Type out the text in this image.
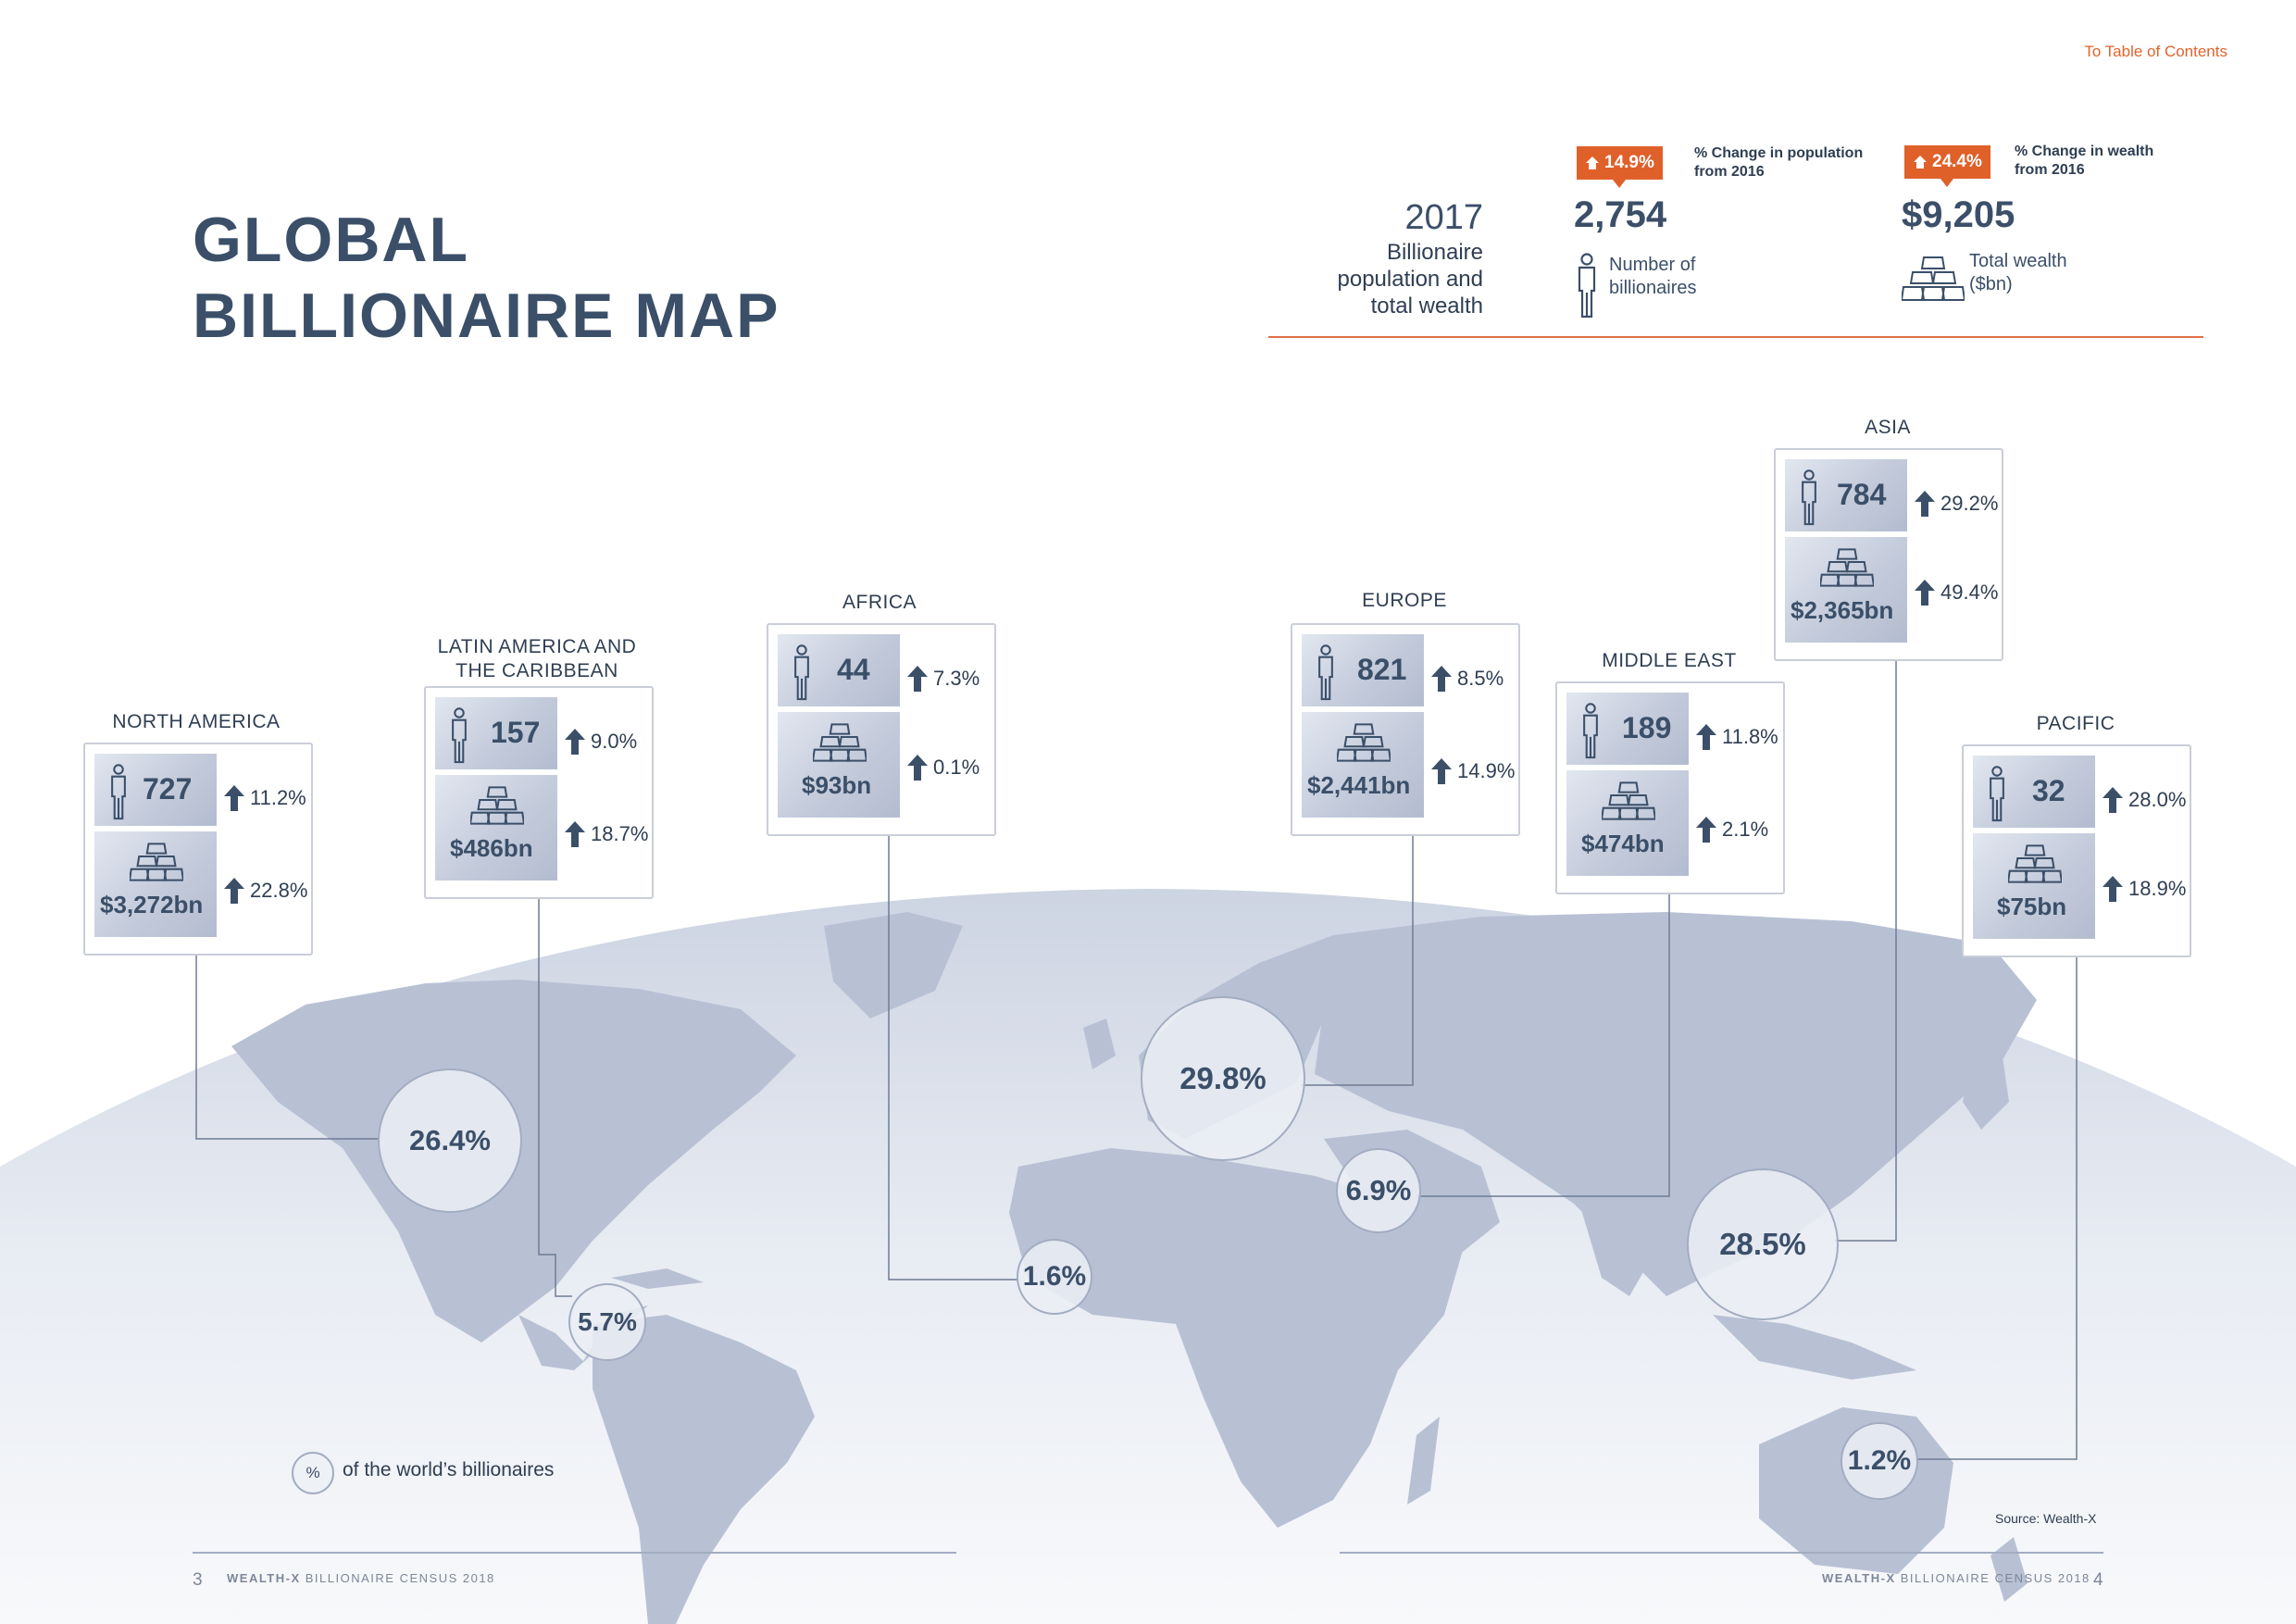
To Table of Contents
GLOBAL
BILLIONAIRE MAP
2017
Billionaire
population and
total wealth
14.9%	% Change in population
from 2016
2,754
Number of
billionaires
24.4%
% Change in wealth
from 2016
$9,205
Total wealth
($bn)
NORTH AMERICA
727	11.2%
$3,272bn
22.8%
LATIN AMERICA AND
THE CARIBBEAN
157 9.0%
$486bn
18.7%
AFRICA
44	7.3%
$93bn
0.1%
EUROPE
821 8.5%
$2,441bn
14.9%
MIDDLE EAST
189 11.8%
$474bn
2.1%
ASIA
784	29.2%
$2,365bn
49.4%
PACIFIC
32	28.0%
$75bn
18.9%
26.4%
5.7%
1.6%
29.8%
6.9%
28.5%
1.2%
%	of the world’s billionaires
Source: Wealth-X
3 WEALTH-X BILLIONAIRE CENSUS 2018	WEALTH-X BILLIONAIRE CENSUS 2018 4
